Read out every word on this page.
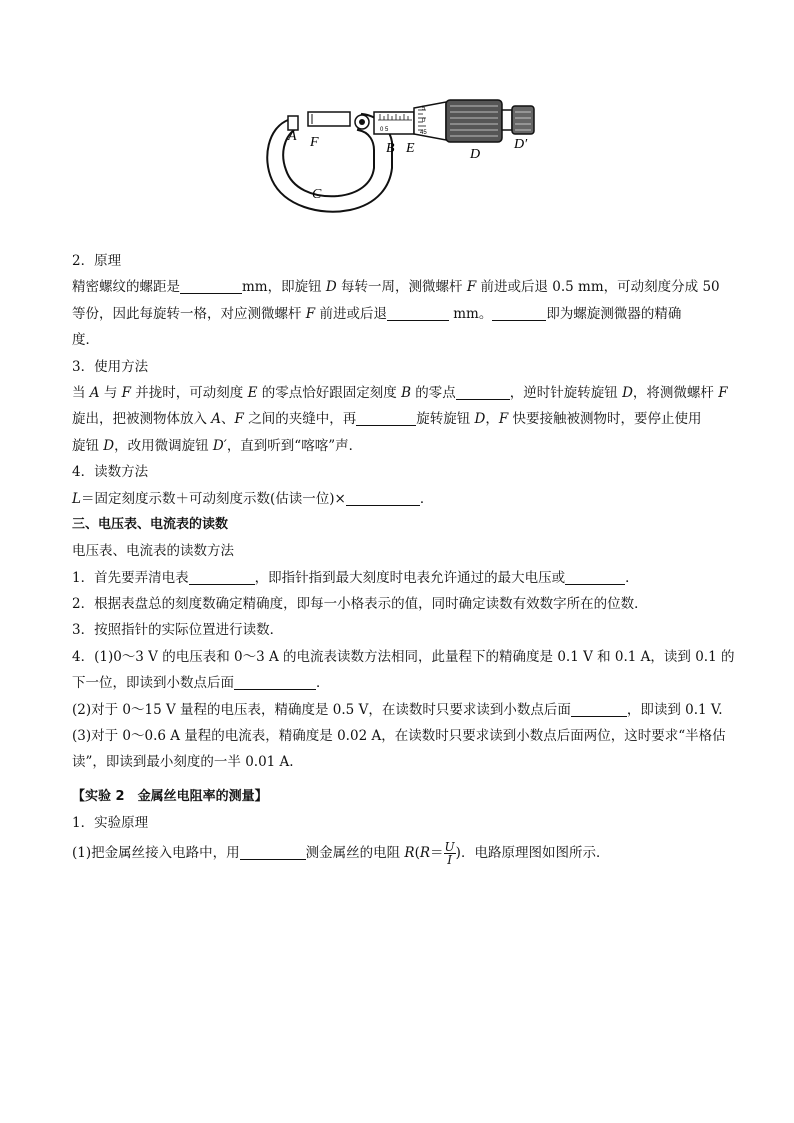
5
0
45
0 5
A F	B E	D
D′
C
2．原理
精密螺纹的螺距是	mm，即旋钮 D 每转一周，测微螺杆 F 前进或后退 0.5 mm，可动刻度分成 50
等份，因此每旋转一格，对应测微螺杆 F 前进或后退	mm。	即为螺旋测微器的精确
度．
3．使用方法
当 A 与 F 并拢时，可动刻度 E 的零点恰好跟固定刻度 B 的零点	，逆时针旋转旋钮 D，将测微螺杆 F
旋出，把被测物体放入 A、F 之间的夹缝中，再	旋转旋钮 D，F 快要接触被测物时，要停止使用
旋钮 D，改用微调旋钮 D′，直到听到“喀喀”声．
4．读数方法
L＝固定刻度示数＋可动刻度示数(估读一位)×	．
三、电压表、电流表的读数
电压表、电流表的读数方法
1．首先要弄清电表	，即指针指到最大刻度时电表允许通过的最大电压或	．
2．根据表盘总的刻度数确定精确度，即每一小格表示的值，同时确定读数有效数字所在的位数．
3．按照指针的实际位置进行读数．
4．(1)0～3 V 的电压表和 0～3 A 的电流表读数方法相同，此量程下的精确度是 0.1 V 和 0.1 A，读到 0.1 的
下一位，即读到小数点后面	．
(2)对于 0～15 V 量程的电压表，精确度是 0.5 V，在读数时只要求读到小数点后面	，即读到 0.1 V.
(3)对于 0～0.6 A 量程的电流表，精确度是 0.02 A，在读数时只要求读到小数点后面两位，这时要求“半格估
读”，即读到最小刻度的一半 0.01 A.
【实验 2　金属丝电阻率的测量】
1．实验原理
(1)把金属丝接入电路中，用	测金属丝的电阻 $R(R= \frac{U}{I}$ )．电路原理图如图所示．
